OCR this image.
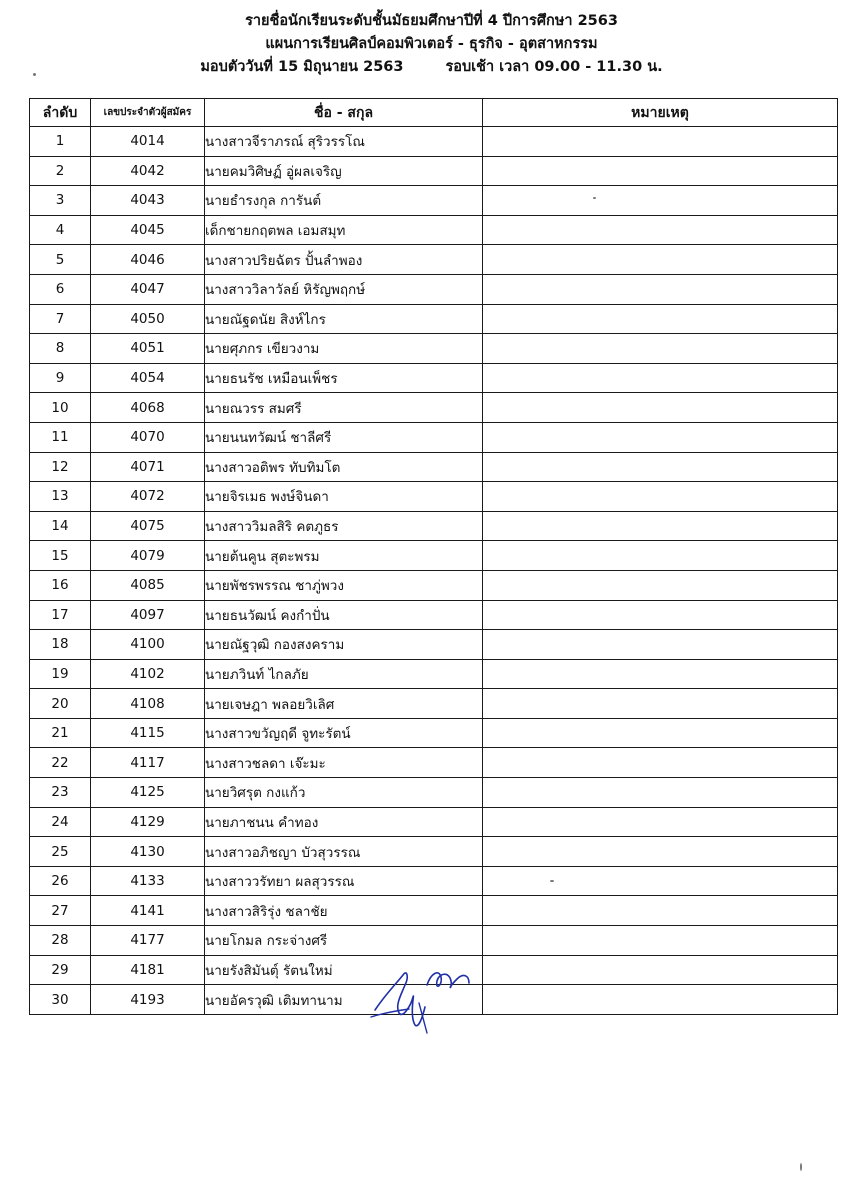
รายชื่อนักเรียนระดับชั้นมัธยมศึกษาปีที่ 4 ปีการศึกษา 2563
แผนการเรียนศิลป์คอมพิวเตอร์ - ธุรกิจ - อุตสาหกรรม
มอบตัววันที่ 15 มิถุนายน 2563	รอบเช้า เวลา 09.00 - 11.30 น.
ลำดับ	เลขประจำตัวผู้สมัคร	ชื่อ - สกุล	หมายเหตุ
1	4014	นางสาวจีราภรณ์ สุริวรรโณ	
2	4042	นายคมวิศิษฏ์ อู่ผลเจริญ	
3	4043	นายธำรงกุล การันต์	
4	4045	เด็กชายกฤตพล เอมสมุท	
5	4046	นางสาวปริยฉัตร ปั้นลำพอง	
6	4047	นางสาววิลาวัลย์ หิรัญพฤกษ์	
7	4050	นายณัฐดนัย สิงห์ไกร	
8	4051	นายศุภกร เขียวงาม	
9	4054	นายธนรัช เหมือนเพ็ชร	
10	4068	นายณวรร สมศรี	
11	4070	นายนนทวัฒน์ ชาลีศรี	
12	4071	นางสาวอติพร ทับทิมโต	
13	4072	นายจิรเมธ พงษ์จินดา	
14	4075	นางสาววิมลสิริ คตภูธร	
15	4079	นายต้นคูน สุตะพรม	
16	4085	นายพัชรพรรณ ชาภู่พวง	
17	4097	นายธนวัฒน์ คงกำปั่น	
18	4100	นายณัฐวุฒิ กองสงคราม	
19	4102	นายภวินท์ ไกลภัย	
20	4108	นายเจษฎา พลอยวิเลิศ	
21	4115	นางสาวขวัญฤดี จูทะรัตน์	
22	4117	นางสาวชลดา เจ๊ะมะ	
23	4125	นายวิศรุต กงแก้ว	
24	4129	นายภาชนน คำทอง	
25	4130	นางสาวอภิชญา บัวสุวรรณ	
26	4133	นางสาววรัทยา ผลสุวรรณ	
27	4141	นางสาวสิริรุ่ง ชลาชัย	
28	4177	นายโกมล กระจ่างศรี	
29	4181	นายรังสิมันตุ์ รัตนใหม่	
30	4193	นายอัครวุฒิ เติมทานาม	
